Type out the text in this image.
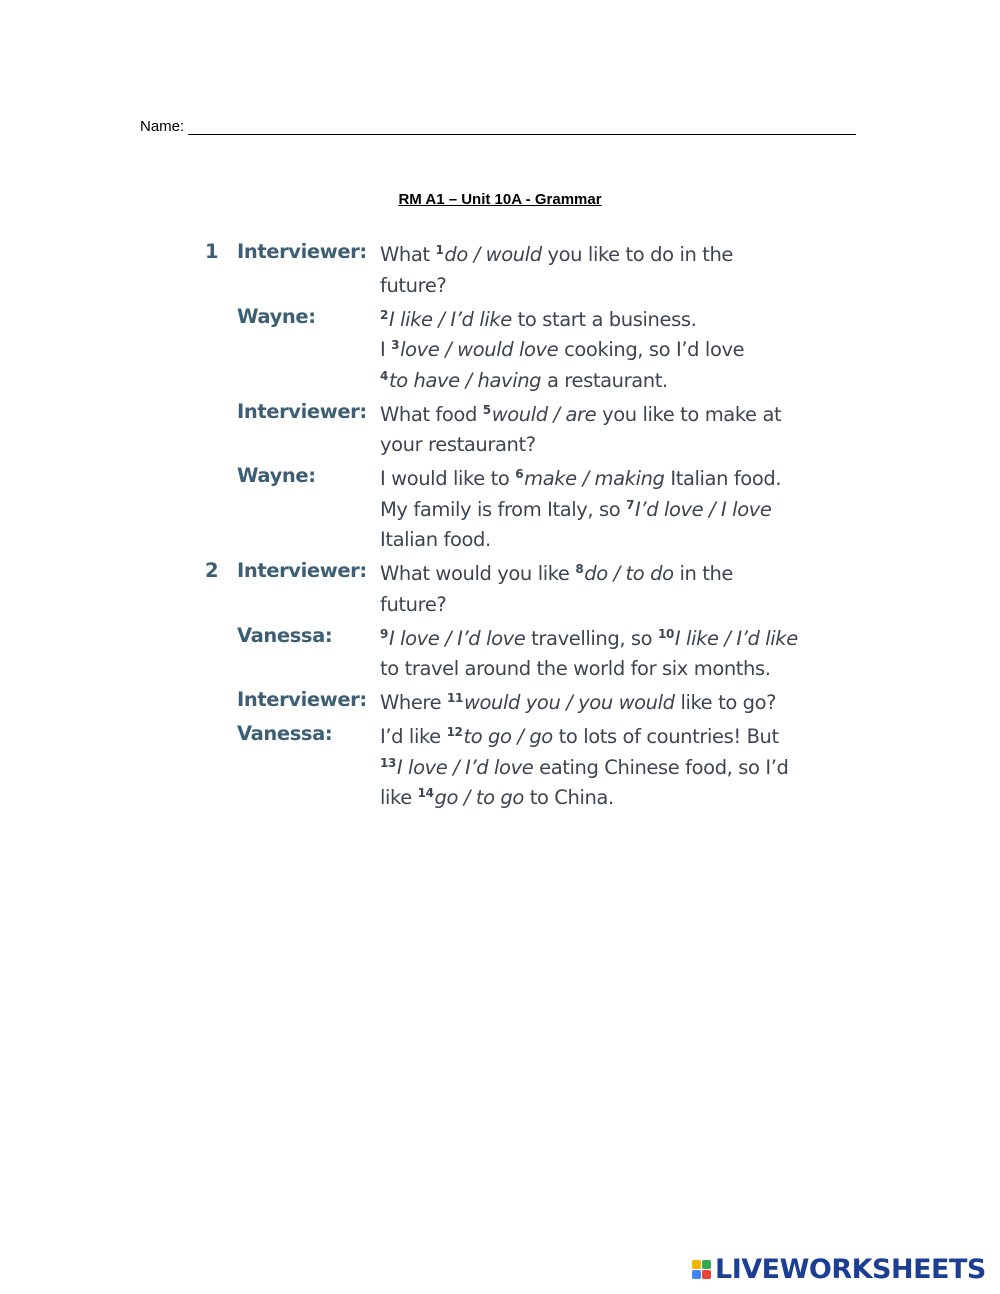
Name:
RM A1 – Unit 10A - Grammar
1 Interviewer: What $^1$do / would you like to do in the
future?
Wayne:	$^2$I like / I’d like to start a business.
I $^3$love / would love cooking, so I’d love
$^4$to have / having a restaurant.
Interviewer: What food $^5$would / are you like to make at
your restaurant?
Wayne:	I would like to $^6$make / making Italian food.
My family is from Italy, so $^7$I’d love / I love
Italian food.
2 Interviewer: What would you like $^8$do / to do in the
future?
Vanessa:	$^9$I love / I’d love travelling, so $^{10}$I like / I’d like
to travel around the world for six months.
Interviewer: Where $^{11}$would you / you would like to go?
Vanessa:	I’d like $^{12}$to go / go to lots of countries! But
$^{13}$I love / I’d love eating Chinese food, so I’d
like $^{14}$go / to go to China.
LIVEWORKSHEETS
